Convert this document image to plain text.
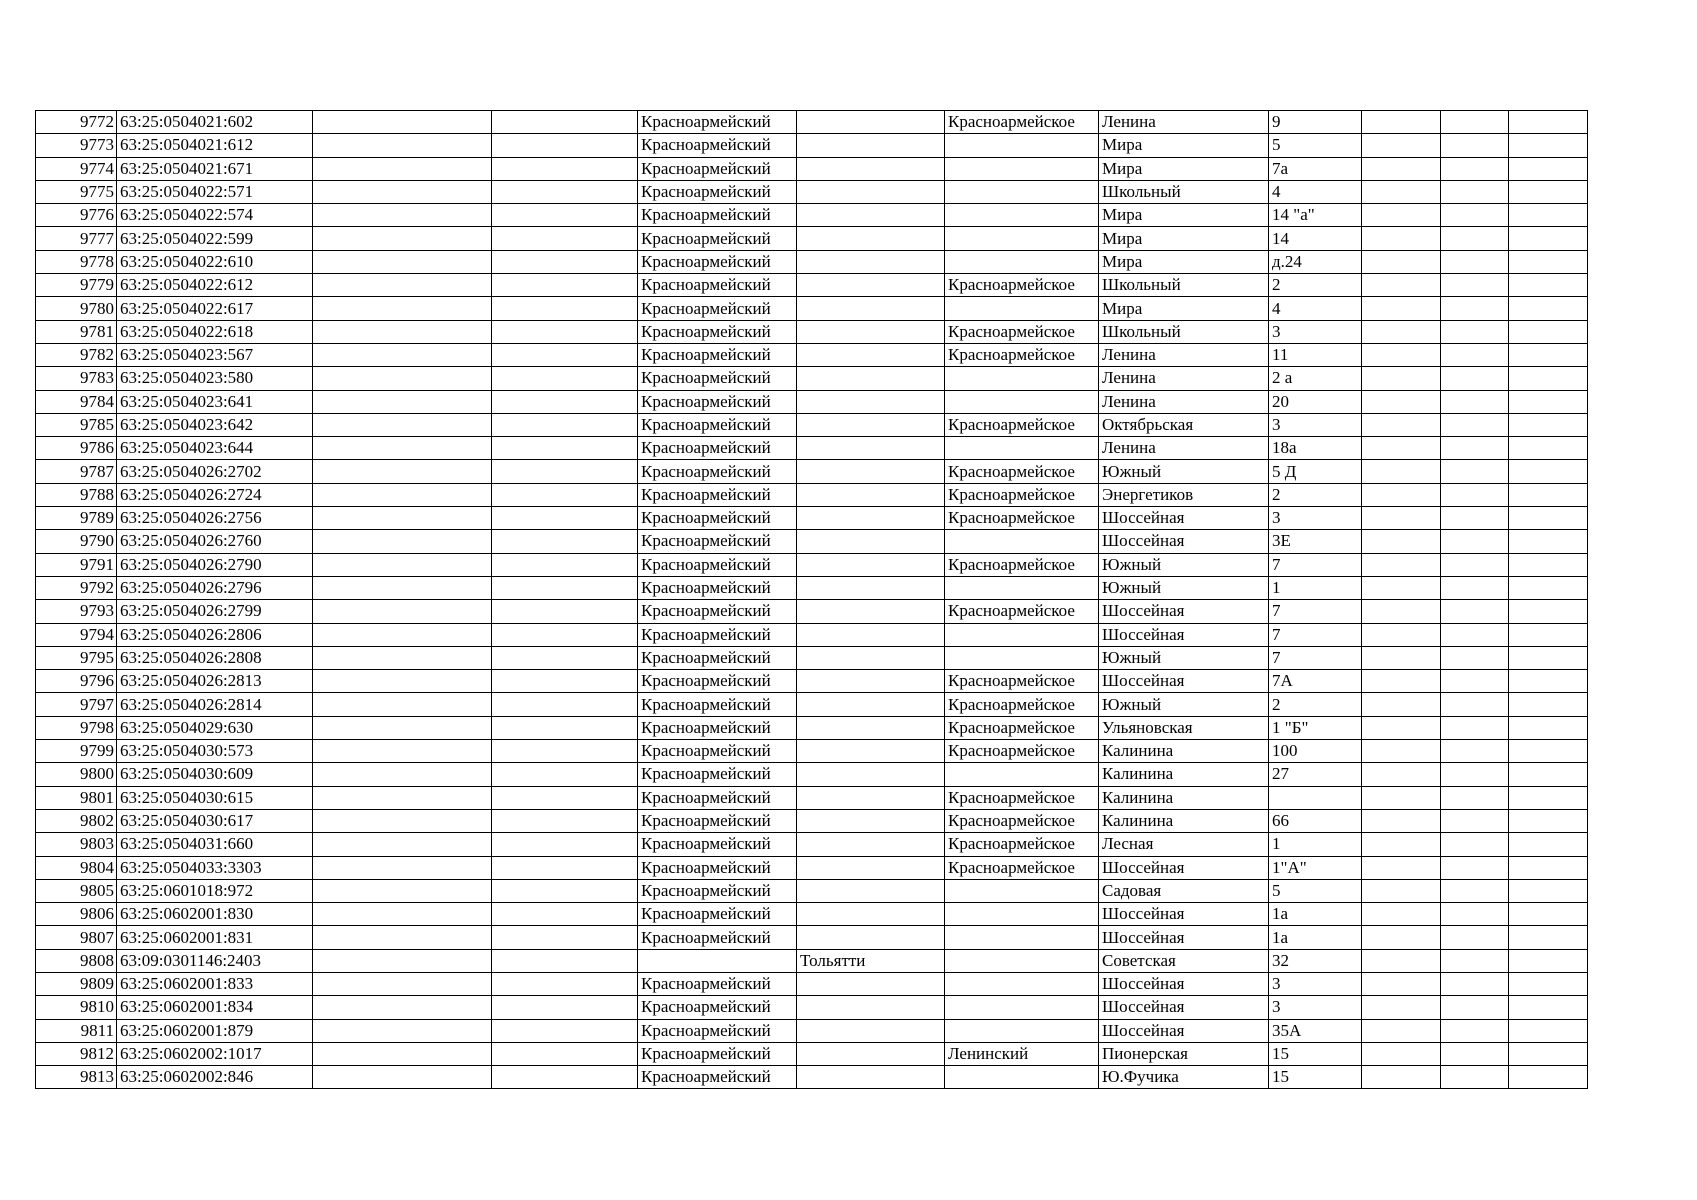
9772	63:25:0504021:602			Красноармейский		Красноармейское	Ленина	9			
9773	63:25:0504021:612			Красноармейский			Мира	5			
9774	63:25:0504021:671			Красноармейский			Мира	7а			
9775	63:25:0504022:571			Красноармейский			Школьный	4			
9776	63:25:0504022:574			Красноармейский			Мира	14 "а"			
9777	63:25:0504022:599			Красноармейский			Мира	14			
9778	63:25:0504022:610			Красноармейский			Мира	д.24			
9779	63:25:0504022:612			Красноармейский		Красноармейское	Школьный	2			
9780	63:25:0504022:617			Красноармейский			Мира	4			
9781	63:25:0504022:618			Красноармейский		Красноармейское	Школьный	3			
9782	63:25:0504023:567			Красноармейский		Красноармейское	Ленина	11			
9783	63:25:0504023:580			Красноармейский			Ленина	2 а			
9784	63:25:0504023:641			Красноармейский			Ленина	20			
9785	63:25:0504023:642			Красноармейский		Красноармейское	Октябрьская	3			
9786	63:25:0504023:644			Красноармейский			Ленина	18а			
9787	63:25:0504026:2702			Красноармейский		Красноармейское	Южный	5 Д			
9788	63:25:0504026:2724			Красноармейский		Красноармейское	Энергетиков	2			
9789	63:25:0504026:2756			Красноармейский		Красноармейское	Шоссейная	3			
9790	63:25:0504026:2760			Красноармейский			Шоссейная	3Е			
9791	63:25:0504026:2790			Красноармейский		Красноармейское	Южный	7			
9792	63:25:0504026:2796			Красноармейский			Южный	1			
9793	63:25:0504026:2799			Красноармейский		Красноармейское	Шоссейная	7			
9794	63:25:0504026:2806			Красноармейский			Шоссейная	7			
9795	63:25:0504026:2808			Красноармейский			Южный	7			
9796	63:25:0504026:2813			Красноармейский		Красноармейское	Шоссейная	7А			
9797	63:25:0504026:2814			Красноармейский		Красноармейское	Южный	2			
9798	63:25:0504029:630			Красноармейский		Красноармейское	Ульяновская	1 "Б"			
9799	63:25:0504030:573			Красноармейский		Красноармейское	Калинина	100			
9800	63:25:0504030:609			Красноармейский			Калинина	27			
9801	63:25:0504030:615			Красноармейский		Красноармейское	Калинина				
9802	63:25:0504030:617			Красноармейский		Красноармейское	Калинина	66			
9803	63:25:0504031:660			Красноармейский		Красноармейское	Лесная	1			
9804	63:25:0504033:3303			Красноармейский		Красноармейское	Шоссейная	1"А"			
9805	63:25:0601018:972			Красноармейский			Садовая	5			
9806	63:25:0602001:830			Красноармейский			Шоссейная	1а			
9807	63:25:0602001:831			Красноармейский			Шоссейная	1а			
9808	63:09:0301146:2403				Тольятти		Советская	32			
9809	63:25:0602001:833			Красноармейский			Шоссейная	3			
9810	63:25:0602001:834			Красноармейский			Шоссейная	3			
9811	63:25:0602001:879			Красноармейский			Шоссейная	35А			
9812	63:25:0602002:1017			Красноармейский		Ленинский	Пионерская	15			
9813	63:25:0602002:846			Красноармейский			Ю.Фучика	15			
